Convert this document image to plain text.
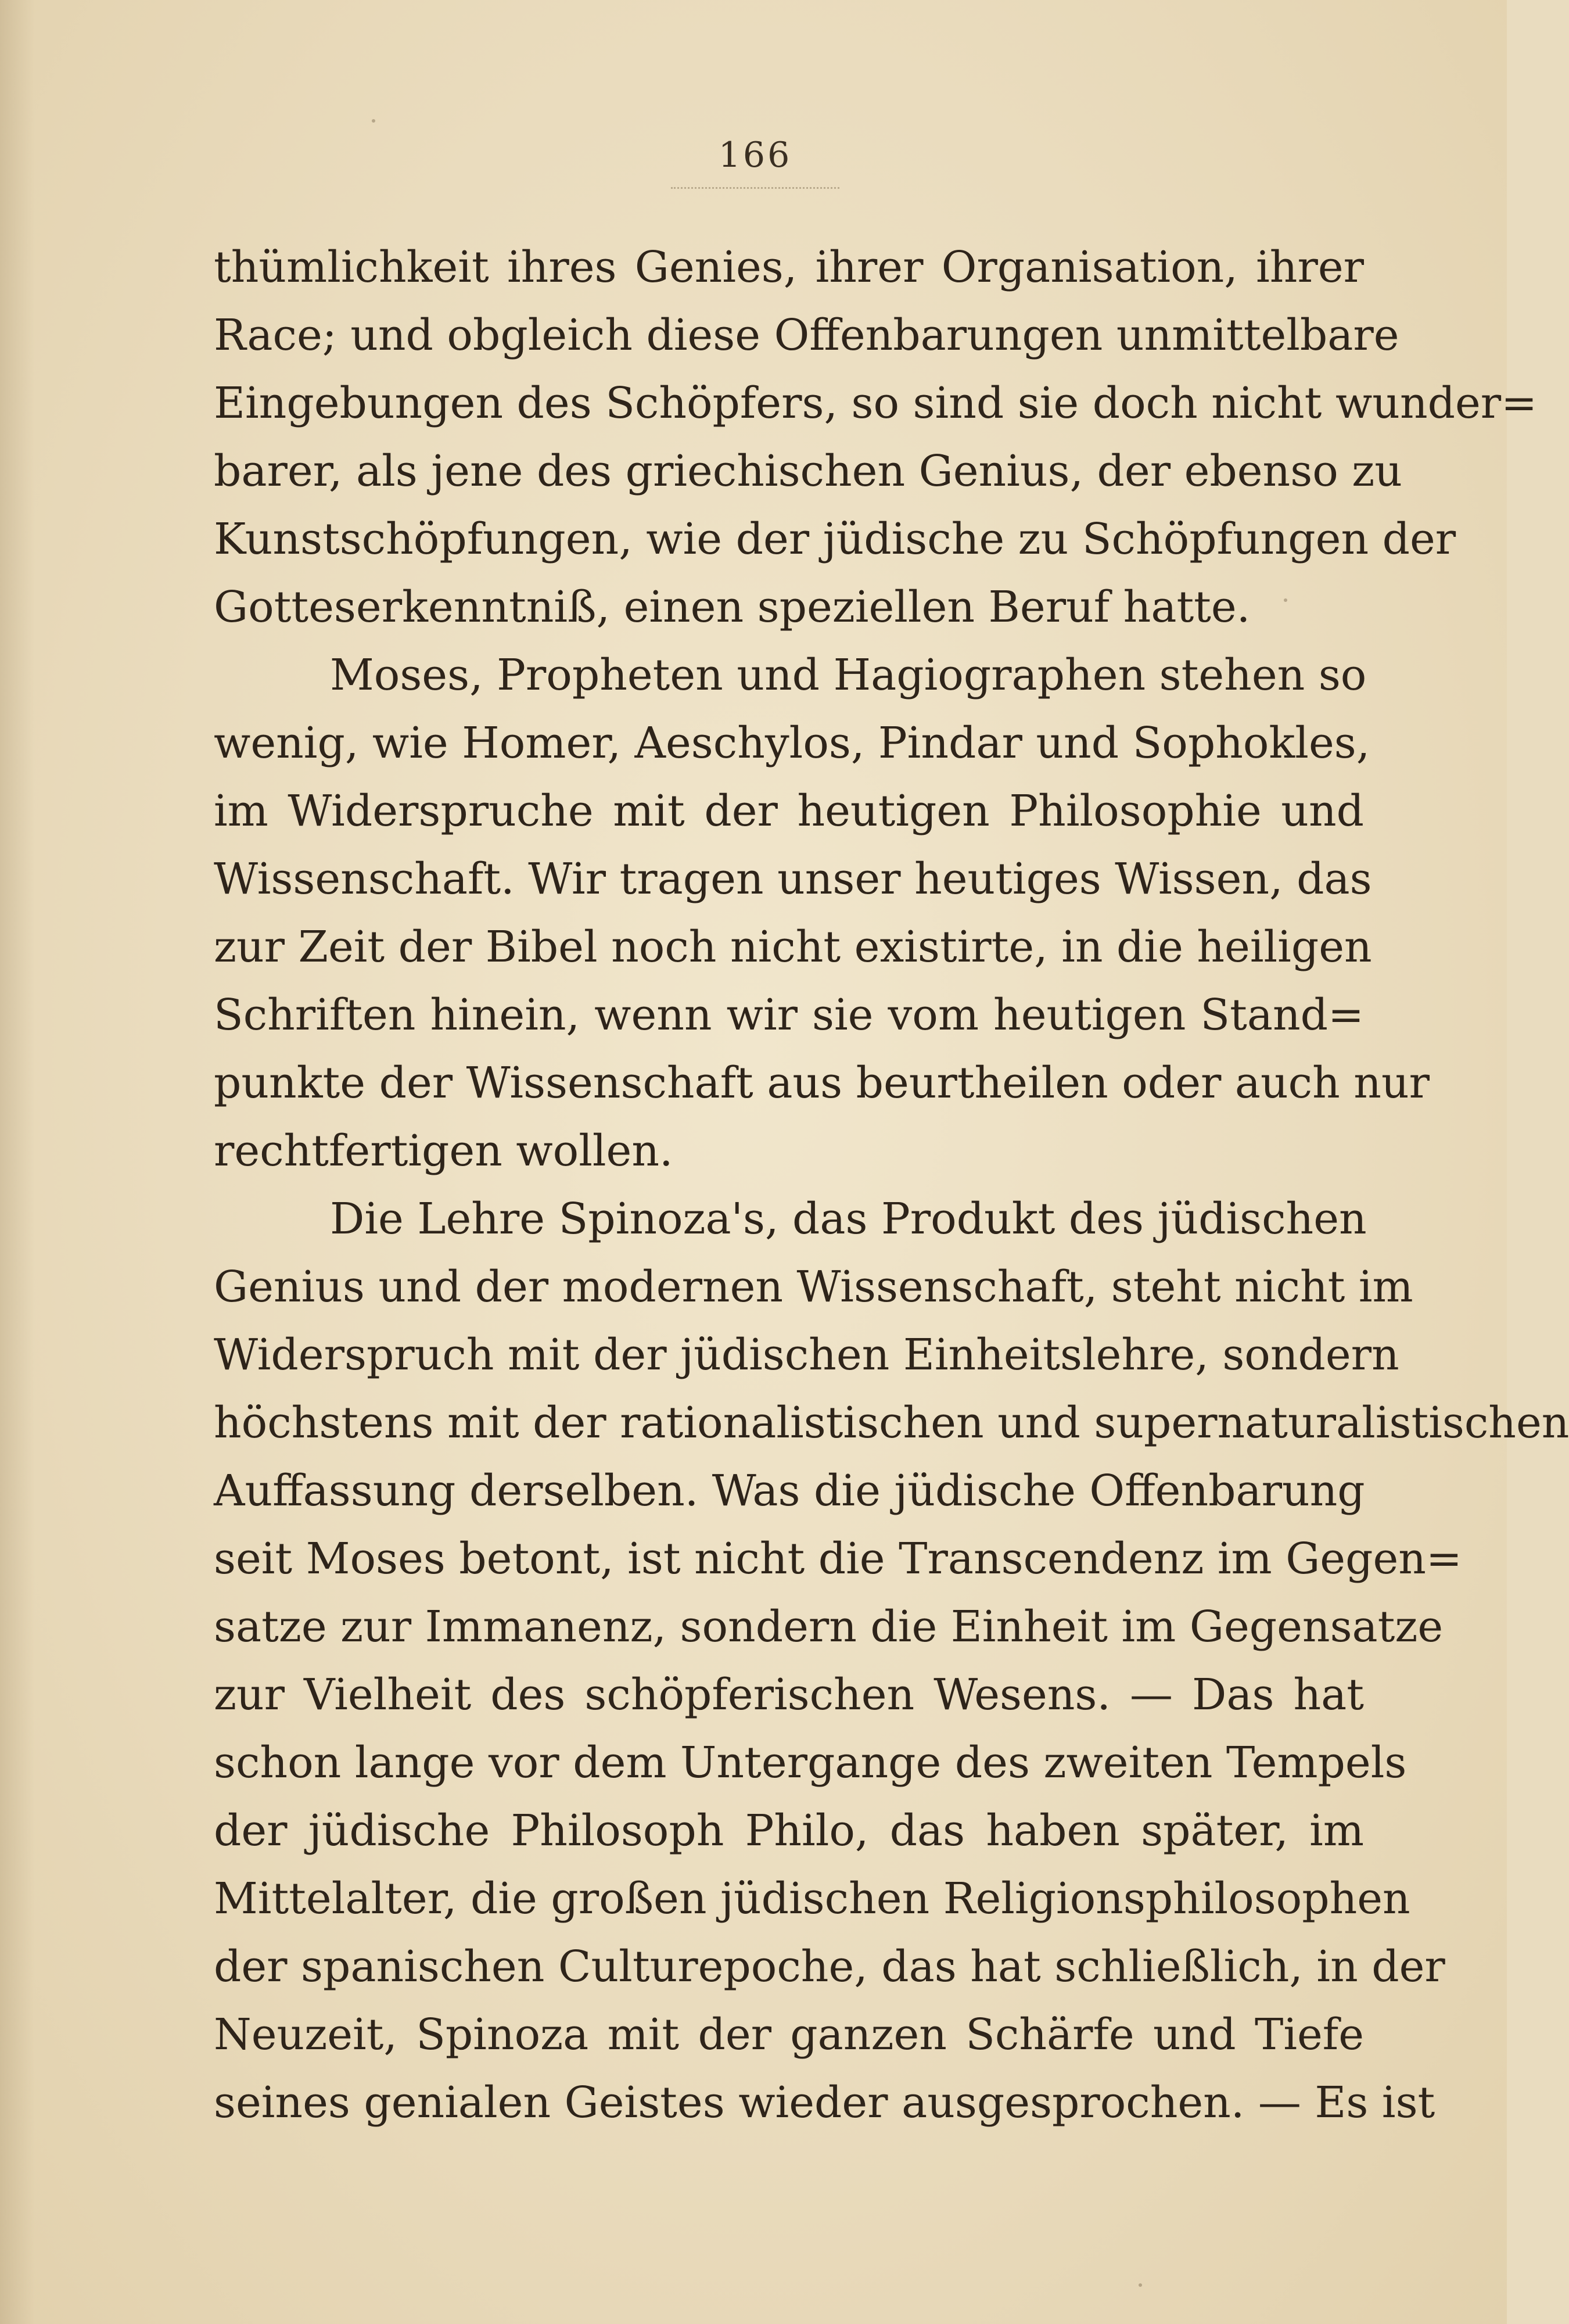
166
thümlichkeit ihres Genies, ihrer Organisation, ihrer
Race; und obgleich diese Offenbarungen unmittelbare
Eingebungen des Schöpfers, so sind sie doch nicht wunder=
barer, als jene des griechischen Genius, der ebenso zu
Kunstschöpfungen, wie der jüdische zu Schöpfungen der
Gotteserkenntniß, einen speziellen Beruf hatte.
Moses, Propheten und Hagiographen stehen so
wenig, wie Homer, Aeschylos, Pindar und Sophokles,
im Widerspruche mit der heutigen Philosophie und
Wissenschaft. Wir tragen unser heutiges Wissen, das
zur Zeit der Bibel noch nicht existirte, in die heiligen
Schriften hinein, wenn wir sie vom heutigen Stand=
punkte der Wissenschaft aus beurtheilen oder auch nur
rechtfertigen wollen.
Die Lehre Spinoza's, das Produkt des jüdischen
Genius und der modernen Wissenschaft, steht nicht im
Widerspruch mit der jüdischen Einheitslehre, sondern
höchstens mit der rationalistischen und supernaturalistischen
Auffassung derselben. Was die jüdische Offenbarung
seit Moses betont, ist nicht die Transcendenz im Gegen=
satze zur Immanenz, sondern die Einheit im Gegensatze
zur Vielheit des schöpferischen Wesens. — Das hat
schon lange vor dem Untergange des zweiten Tempels
der jüdische Philosoph Philo, das haben später, im
Mittelalter, die großen jüdischen Religionsphilosophen
der spanischen Culturepoche, das hat schließlich, in der
Neuzeit, Spinoza mit der ganzen Schärfe und Tiefe
seines genialen Geistes wieder ausgesprochen. — Es ist
